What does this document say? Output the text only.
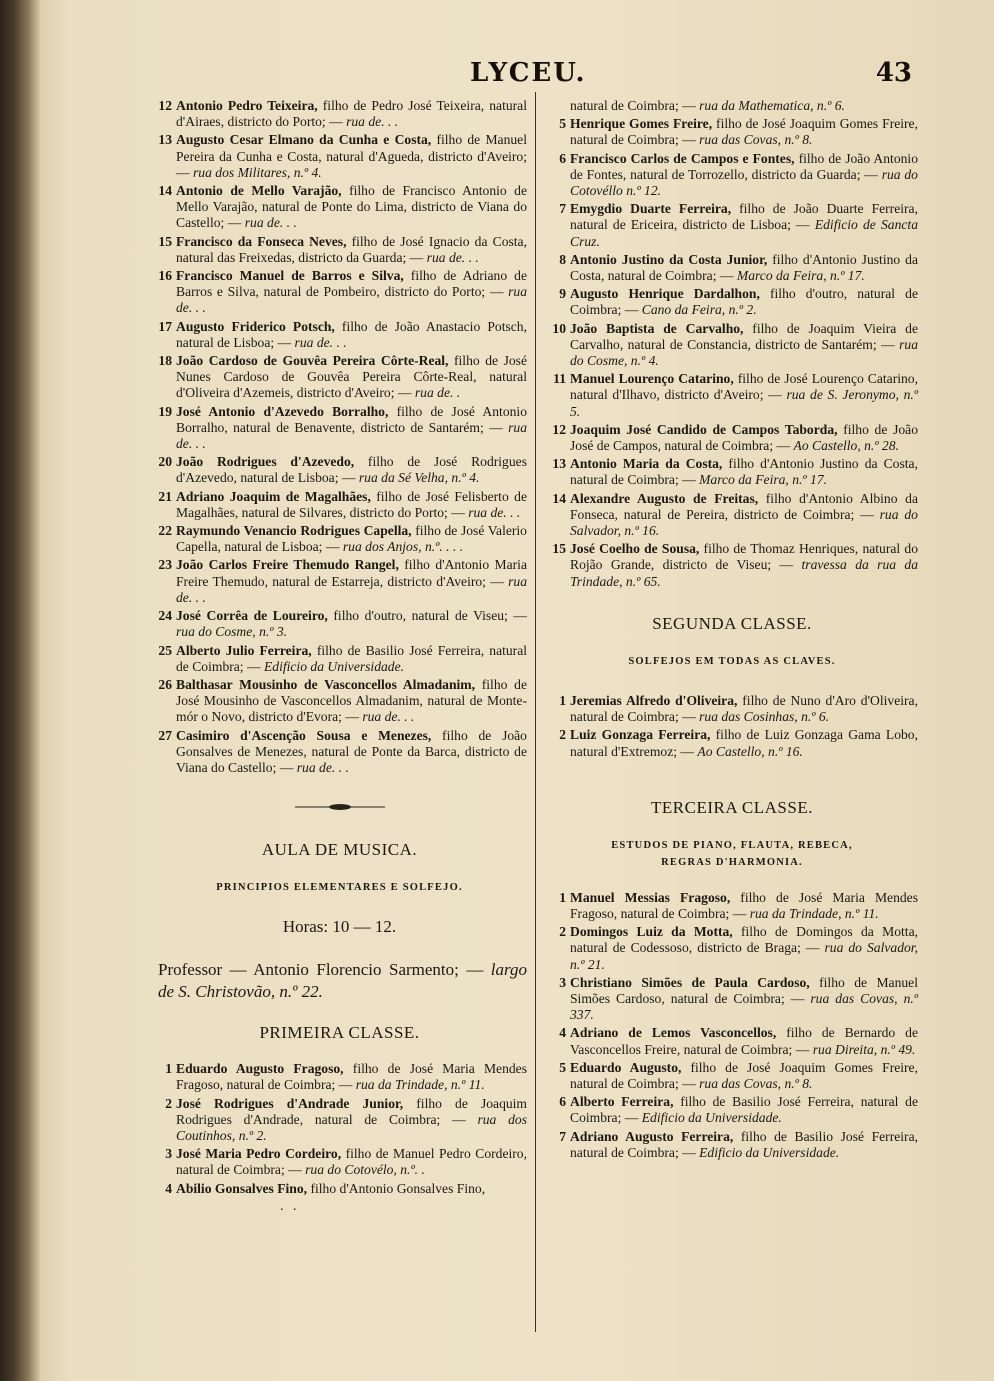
LYCEU.	43
12 Antonio Pedro Teixeira, filho de Pedro José Teixeira, natural d'Airaes, districto do Porto; — rua de. . .
13 Augusto Cesar Elmano da Cunha e Costa, filho de Manuel Pereira da Cunha e Costa, natural d'Agueda, districto d'Aveiro; — rua dos Militares, n.º 4.
14 Antonio de Mello Varajão, filho de Francisco Antonio de Mello Varajão, natural de Ponte do Lima, districto de Viana do Castello; — rua de. . .
15 Francisco da Fonseca Neves, filho de José Ignacio da Costa, natural das Freixedas, districto da Guarda; — rua de. . .
16 Francisco Manuel de Barros e Silva, filho de Adriano de Barros e Silva, natural de Pombeiro, districto do Porto; — rua de. . .
17 Augusto Friderico Potsch, filho de João Anastacio Potsch, natural de Lisboa; — rua de. . .
18 João Cardoso de Gouvêa Pereira Côrte-Real, filho de José Nunes Cardoso de Gouvêa Pereira Côrte-Real, natural d'Oliveira d'Azemeis, districto d'Aveiro; — rua de. .
19 José Antonio d'Azevedo Borralho, filho de José Antonio Borralho, natural de Benavente, districto de Santarém; — rua de. . .
20 João Rodrigues d'Azevedo, filho de José Rodrigues d'Azevedo, natural de Lisboa; — rua da Sé Velha, n.º 4.
21 Adriano Joaquim de Magalhães, filho de José Felisberto de Magalhães, natural de Silvares, districto do Porto; — rua de. . .
22 Raymundo Venancio Rodrigues Capella, filho de José Valerio Capella, natural de Lisboa; — rua dos Anjos, n.º. . . .
23 João Carlos Freire Themudo Rangel, filho d'Antonio Maria Freire Themudo, natural de Estarreja, districto d'Aveiro; — rua de. . .
24 José Corrêa de Loureiro, filho d'outro, natural de Viseu; — rua do Cosme, n.º 3.
25 Alberto Julio Ferreira, filho de Basilio José Ferreira, natural de Coimbra; — Edificio da Universidade.
26 Balthasar Mousinho de Vasconcellos Almadanim, filho de José Mousinho de Vasconcellos Almadanim, natural de Monte-mór o Novo, districto d'Evora; — rua de. . .
27 Casimiro d'Ascenção Sousa e Menezes, filho de João Gonsalves de Menezes, natural de Ponte da Barca, districto de Viana do Castello; — rua de. . .

AULA DE MUSICA.

PRINCIPIOS ELEMENTARES E SOLFEJO.

Horas: 10 — 12.

Professor — Antonio Florencio Sarmento; — largo de S. Christovão, n.º 22.

PRIMEIRA CLASSE.

1 Eduardo Augusto Fragoso, filho de José Maria Mendes Fragoso, natural de Coimbra; — rua da Trindade, n.º 11.
2 José Rodrigues d'Andrade Junior, filho de Joaquim Rodrigues d'Andrade, natural de Coimbra; — rua dos Coutinhos, n.º 2.
3 José Maria Pedro Cordeiro, filho de Manuel Pedro Cordeiro, natural de Coimbra; — rua do Cotovélo, n.º. .
4 Abilio Gonsalves Fino, filho d'Antonio Gonsalves Fino,
. .
natural de Coimbra; — rua da Mathematica, n.º 6.
5 Henrique Gomes Freire, filho de José Joaquim Gomes Freire, natural de Coimbra; — rua das Covas, n.º 8.
6 Francisco Carlos de Campos e Fontes, filho de João Antonio de Fontes, natural de Torrozello, districto da Guarda; — rua do Cotovéllo n.º 12.
7 Emygdio Duarte Ferreira, filho de João Duarte Ferreira, natural de Ericeira, districto de Lisboa; — Edificio de Sancta Cruz.
8 Antonio Justino da Costa Junior, filho d'Antonio Justino da Costa, natural de Coimbra; — Marco da Feira, n.º 17.
9 Augusto Henrique Dardalhon, filho d'outro, natural de Coimbra; — Cano da Feira, n.º 2.
10 João Baptista de Carvalho, filho de Joaquim Vieira de Carvalho, natural de Constancia, districto de Santarém; — rua do Cosme, n.º 4.
11 Manuel Lourenço Catarino, filho de José Lourenço Catarino, natural d'Ilhavo, districto d'Aveiro; — rua de S. Jeronymo, n.º 5.
12 Joaquim José Candido de Campos Taborda, filho de João José de Campos, natural de Coimbra; — Ao Castello, n.º 28.
13 Antonio Maria da Costa, filho d'Antonio Justino da Costa, natural de Coimbra; — Marco da Feira, n.º 17.
14 Alexandre Augusto de Freitas, filho d'Antonio Albino da Fonseca, natural de Pereira, districto de Coimbra; — rua do Salvador, n.º 16.
15 José Coelho de Sousa, filho de Thomaz Henriques, natural do Rojão Grande, districto de Viseu; — travessa da rua da Trindade, n.º 65.

SEGUNDA CLASSE.

SOLFEJOS EM TODAS AS CLAVES.

1 Jeremias Alfredo d'Oliveira, filho de Nuno d'Aro d'Oliveira, natural de Coimbra; — rua das Cosinhas, n.º 6.
2 Luiz Gonzaga Ferreira, filho de Luiz Gonzaga Gama Lobo, natural d'Extremoz; — Ao Castello, n.º 16.

TERCEIRA CLASSE.

ESTUDOS DE PIANO, FLAUTA, REBECA,

REGRAS D'HARMONIA.

1 Manuel Messias Fragoso, filho de José Maria Mendes Fragoso, natural de Coimbra; — rua da Trindade, n.º 11.
2 Domingos Luiz da Motta, filho de Domingos da Motta, natural de Codessoso, districto de Braga; — rua do Salvador, n.º 21.
3 Christiano Simões de Paula Cardoso, filho de Manuel Simões Cardoso, natural de Coimbra; — rua das Covas, n.º 337.
4 Adriano de Lemos Vasconcellos, filho de Bernardo de Vasconcellos Freire, natural de Coimbra; — rua Direita, n.º 49.
5 Eduardo Augusto, filho de José Joaquim Gomes Freire, natural de Coimbra; — rua das Covas, n.º 8.
6 Alberto Ferreira, filho de Basilio José Ferreira, natural de Coimbra; — Edificio da Universidade.
7 Adriano Augusto Ferreira, filho de Basilio José Ferreira, natural de Coimbra; — Edificio da Universidade.
